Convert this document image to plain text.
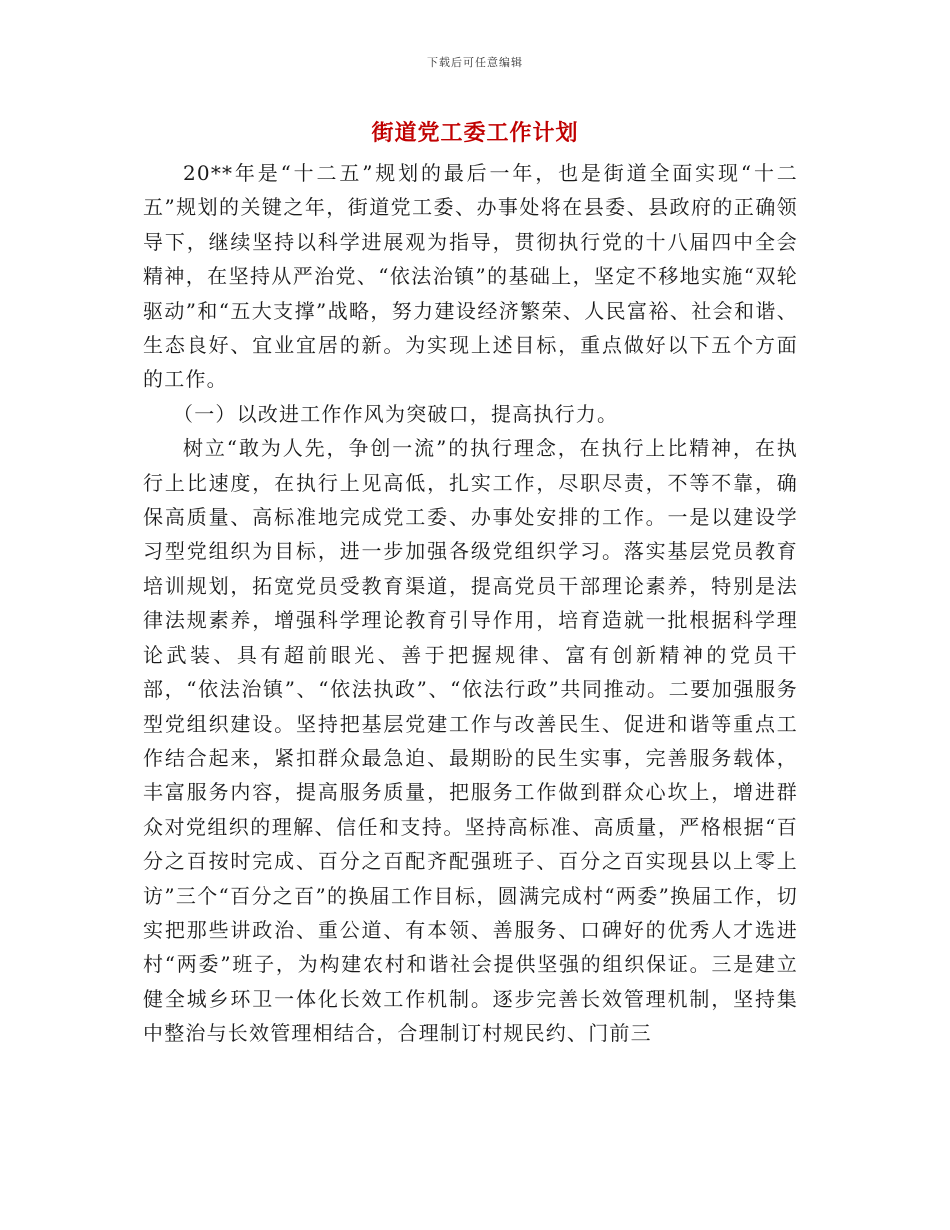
下载后可任意编辑
街道党工委工作计划

20**年是“十二五”规划的最后一年，也是街道全面实现“十二五”规划的关键之年，街道党工委、办事处将在县委、县政府的正确领导下，继续坚持以科学进展观为指导，贯彻执行党的十八届四中全会精神，在坚持从严治党、“依法治镇”的基础上，坚定不移地实施“双轮驱动”和“五大支撑”战略，努力建设经济繁荣、人民富裕、社会和谐、生态良好、宜业宜居的新。为实现上述目标，重点做好以下五个方面的工作。

（一）以改进工作作风为突破口，提高执行力。

树立“敢为人先，争创一流”的执行理念，在执行上比精神，在执行上比速度，在执行上见高低，扎实工作，尽职尽责，不等不靠，确保高质量、高标准地完成党工委、办事处安排的工作。一是以建设学习型党组织为目标，进一步加强各级党组织学习。落实基层党员教育培训规划，拓宽党员受教育渠道，提高党员干部理论素养，特别是法律法规素养，增强科学理论教育引导作用，培育造就一批根据科学理论武装、具有超前眼光、善于把握规律、富有创新精神的党员干部，“依法治镇”、“依法执政”、“依法行政”共同推动。二要加强服务型党组织建设。坚持把基层党建工作与改善民生、促进和谐等重点工作结合起来，紧扣群众最急迫、最期盼的民生实事，完善服务载体，丰富服务内容，提高服务质量，把服务工作做到群众心坎上，增进群众对党组织的理解、信任和支持。坚持高标准、高质量，严格根据“百分之百按时完成、百分之百配齐配强班子、百分之百实现县以上零上访”三个“百分之百”的换届工作目标，圆满完成村“两委”换届工作，切实把那些讲政治、重公道、有本领、善服务、口碑好的优秀人才选进村“两委”班子，为构建农村和谐社会提供坚强的组织保证。三是建立健全城乡环卫一体化长效工作机制。逐步完善长效管理机制，坚持集中整治与长效管理相结合，合理制订村规民约、门前三
